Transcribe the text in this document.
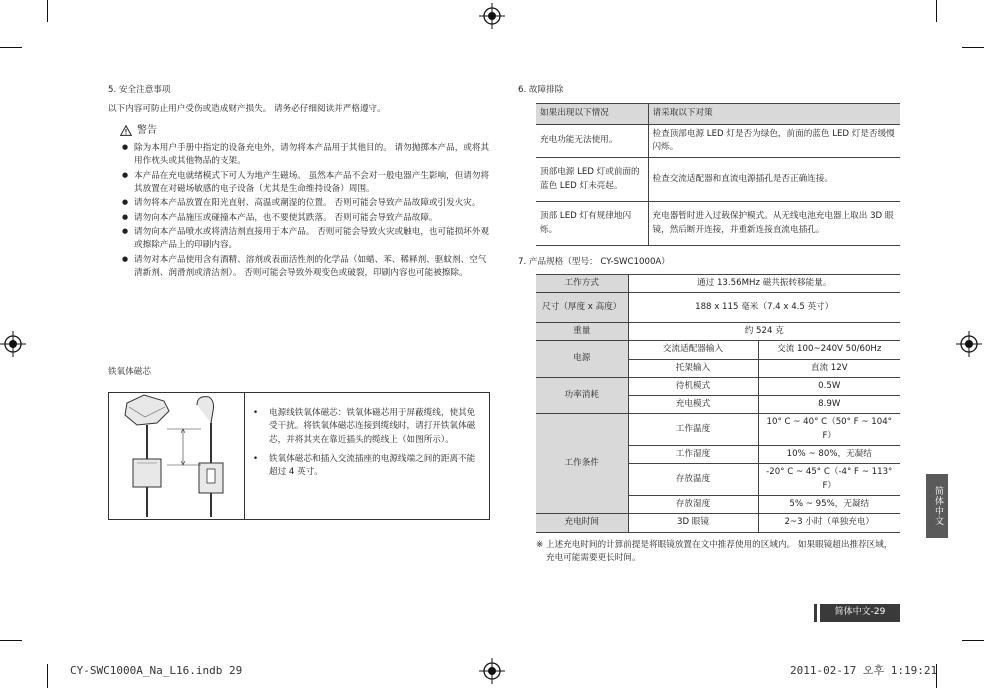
5. 安全注意事项
以下内容可防止用户受伤或造成财产损失。 请务必仔细阅读并严格遵守。
警告
● 除为本用户手册中指定的设备充电外，请勿将本产品用于其他目的。 请勿抛掷本产品，或将其用作枕头或其他物品的支架。
● 本产品在充电就绪模式下可人为地产生磁场。 虽然本产品不会对一般电器产生影响，但请勿将其放置在对磁场敏感的电子设备（尤其是生命维持设备）周围。
● 请勿将本产品放置在阳光直射、高温或潮湿的位置。 否则可能会导致产品故障或引发火灾。
● 请勿向本产品施压或碰撞本产品，也不要使其跌落。 否则可能会导致产品故障。
● 请勿向本产品喷水或将清洁剂直接用于本产品。 否则可能会导致火灾或触电，也可能损坏外观或擦除产品上的印刷内容。
● 请勿对本产品使用含有酒精、溶剂或表面活性剂的化学品（如蜡、苯、稀释剂、驱蚊剂、空气清新剂、润滑剂或清洁剂）。 否则可能会导致外观变色或破裂，印刷内容也可能被擦除。
铁氧体磁芯
• 电源线铁氧体磁芯：铁氧体磁芯用于屏蔽缆线，使其免受干扰。将铁氧体磁芯连接到缆线时，请打开铁氧体磁芯，并将其夹在靠近插头的缆线上（如图所示）。
• 铁氧体磁芯和插入交流插座的电源线端之间的距离不能超过 4 英寸。
6. 故障排除
如果出现以下情况	请采取以下对策
充电功能无法使用。	检查顶部电源 LED 灯是否为绿色，前面的蓝色 LED 灯是否缓慢闪烁。
顶部电源 LED 灯或前面的蓝色 LED 灯未亮起。	检查交流适配器和直流电源插孔是否正确连接。
顶部 LED 灯有规律地闪烁。	充电器暂时进入过载保护模式。从无线电池充电器上取出 3D 眼镜，然后断开连接，并重新连接直流电插孔。
7. 产品规格（型号： CY-SWC1000A）
工作方式	通过 13.56MHz 磁共振转移能量。	
尺寸（厚度 x 高度）	188 x 115 毫米（7.4 x 4.5 英寸）	
重量	约 524 克	
电源	交流适配器输入	交流 100~240V 50/60Hz
	托架输入	直流 12V
功率消耗	待机模式	0.5W
	充电模式	8.9W
工作条件	工作温度	10° C ~ 40° C（50° F ~ 104° F）
	工作湿度	10% ~ 80%，无凝结
	存放温度	-20° C ~ 45° C（-4° F ~ 113° F）
	存放湿度	5% ~ 95%，无凝结
充电时间	3D 眼镜	2~3 小时（单独充电）
※ 上述充电时间的计算前提是将眼镜放置在文中推荐使用的区域内。 如果眼镜超出推荐区域，充电可能需要更长时间。
简体中文
简体中文-29
CY-SWC1000A_Na_L16.indb 29	2011-02-17 오후 1:19:21
